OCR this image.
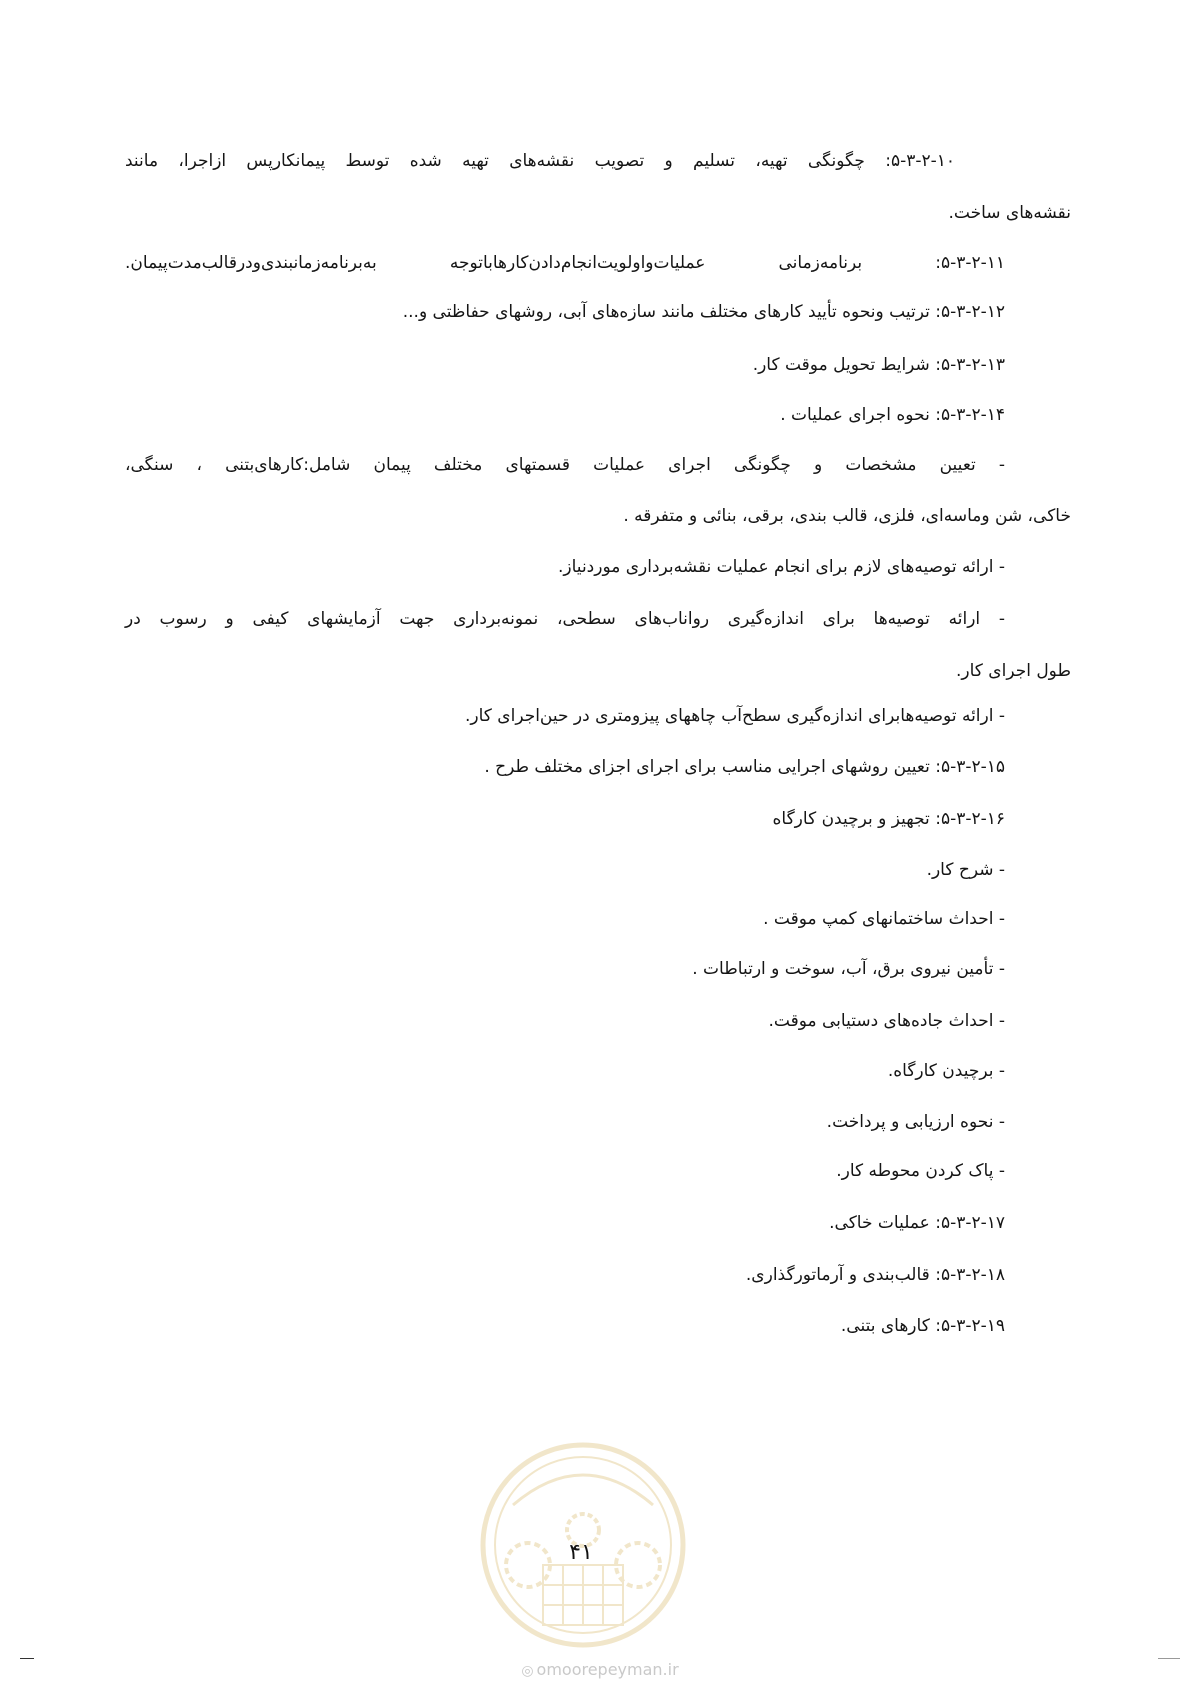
۵-۳-۲-۱۰: چگونگی تهیه، تسلیم و تصویب نقشه‌های تهیه شده توسط پیمانکارپس ازاجرا، مانند
نقشه‌های ساخت.
۵-۳-۲-۱۱: برنامه‌زمانی عملیات‌واولویت‌انجام‌دادن‌کارهاباتوجه به‌برنامه‌زمانبندی‌ودرقالب‌مدت‌پیمان.
۵-۳-۲-۱۲: ترتیب ونحوه تأیید کارهای مختلف مانند سازه‌های آبی، روشهای حفاظتی و...
۵-۳-۲-۱۳: شرایط تحویل موقت کار.
۵-۳-۲-۱۴: نحوه اجرای عملیات .
- تعیین مشخصات و چگونگی اجرای عملیات قسمتهای مختلف پیمان شامل:کارهای‌بتنی ، سنگی،
خاکی، شن وماسه‌ای، فلزی، قالب بندی، برقی، بنائی و متفرقه .
- ارائه توصیه‌های لازم برای انجام عملیات نقشه‌برداری موردنیاز.
- ارائه توصیه‌ها برای اندازه‌گیری رواناب‌های سطحی، نمونه‌برداری جهت آزمایشهای کیفی و رسوب در
طول اجرای کار.
- ارائه توصیه‌هابرای اندازه‌گیری سطح‌آب چاههای پیزومتری در حین‌اجرای کار.
۵-۳-۲-۱۵: تعیین روشهای اجرایی مناسب برای اجرای اجزای مختلف طرح .
۵-۳-۲-۱۶: تجهیز و برچیدن کارگاه
- شرح کار.
- احداث ساختمانهای کمپ موقت .
- تأمین نیروی برق، آب، سوخت و ارتباطات .
- احداث جاده‌های دستیابی موقت.
- برچیدن کارگاه.
- نحوه ارزیابی و پرداخت.
- پاک کردن محوطه کار.
۵-۳-۲-۱۷: عملیات خاکی.
۵-۳-۲-۱۸: قالب‌بندی و آرماتورگذاری.
۵-۳-۲-۱۹: کارهای بتنی.
۴۱
◎ omoorepeyman.ir
